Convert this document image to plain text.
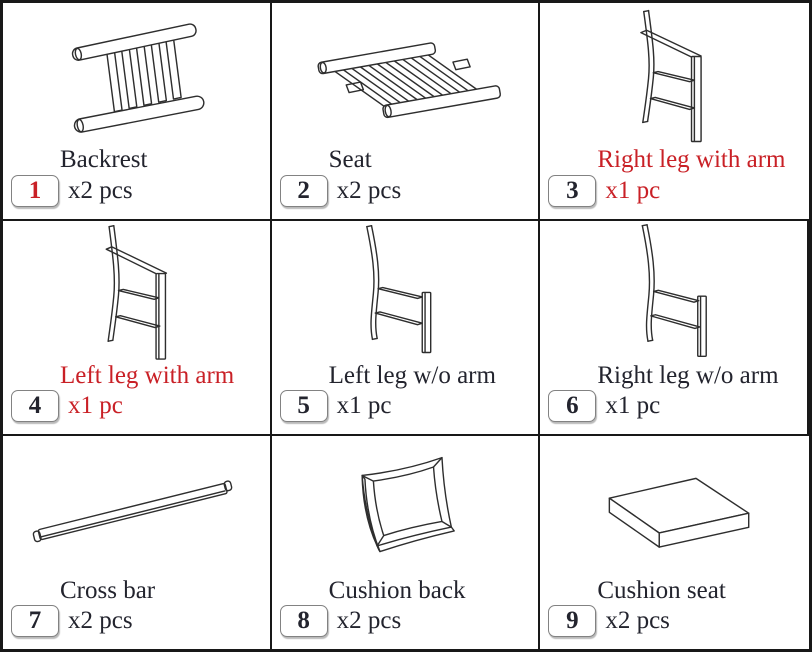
Backrest
1 x2 pcs
Seat
2 x2 pcs
Right leg with arm
3 x1 pc
Left leg with arm
4 x1 pc
Left leg w/o arm
5 x1 pc
Right leg w/o arm
6 x1 pc
Cross bar
7 x2 pcs
Cushion back
8 x2 pcs
Cushion seat
9 x2 pcs
